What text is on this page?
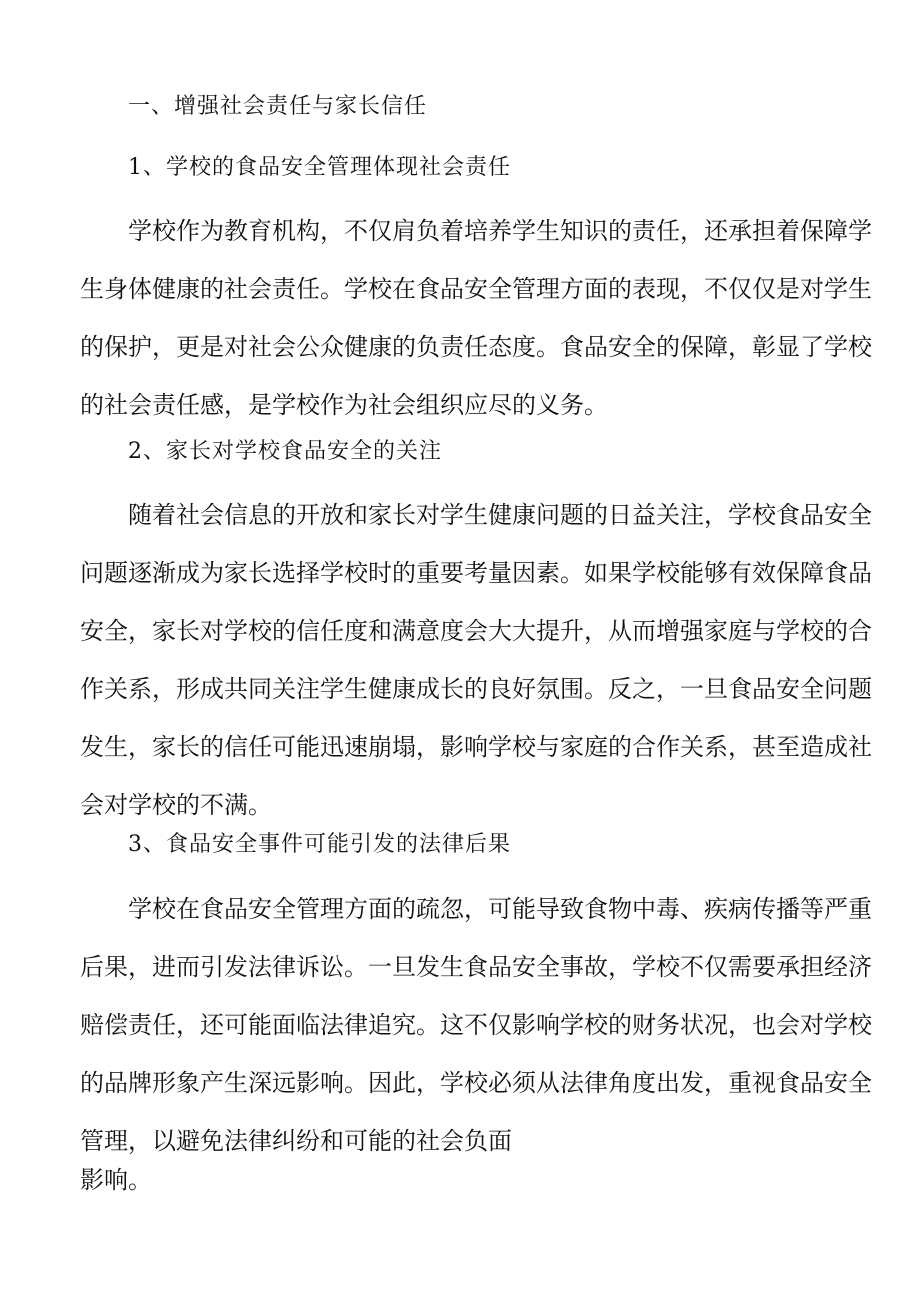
一、增强社会责任与家长信任
1、学校的食品安全管理体现社会责任
学校作为教育机构，不仅肩负着培养学生知识的责任，还承担着保障学
生身体健康的社会责任。学校在食品安全管理方面的表现，不仅仅是对学生
的保护，更是对社会公众健康的负责任态度。食品安全的保障，彰显了学校
的社会责任感，是学校作为社会组织应尽的义务。
2、家长对学校食品安全的关注
随着社会信息的开放和家长对学生健康问题的日益关注，学校食品安全
问题逐渐成为家长选择学校时的重要考量因素。如果学校能够有效保障食品
安全，家长对学校的信任度和满意度会大大提升，从而增强家庭与学校的合
作关系，形成共同关注学生健康成长的良好氛围。反之，一旦食品安全问题
发生，家长的信任可能迅速崩塌，影响学校与家庭的合作关系，甚至造成社
会对学校的不满。
3、食品安全事件可能引发的法律后果
学校在食品安全管理方面的疏忽，可能导致食物中毒、疾病传播等严重
后果，进而引发法律诉讼。一旦发生食品安全事故，学校不仅需要承担经济
赔偿责任，还可能面临法律追究。这不仅影响学校的财务状况，也会对学校
的品牌形象产生深远影响。因此，学校必须从法律角度出发，重视食品安全
管理，以避免法律纠纷和可能的社会负面
影响。
